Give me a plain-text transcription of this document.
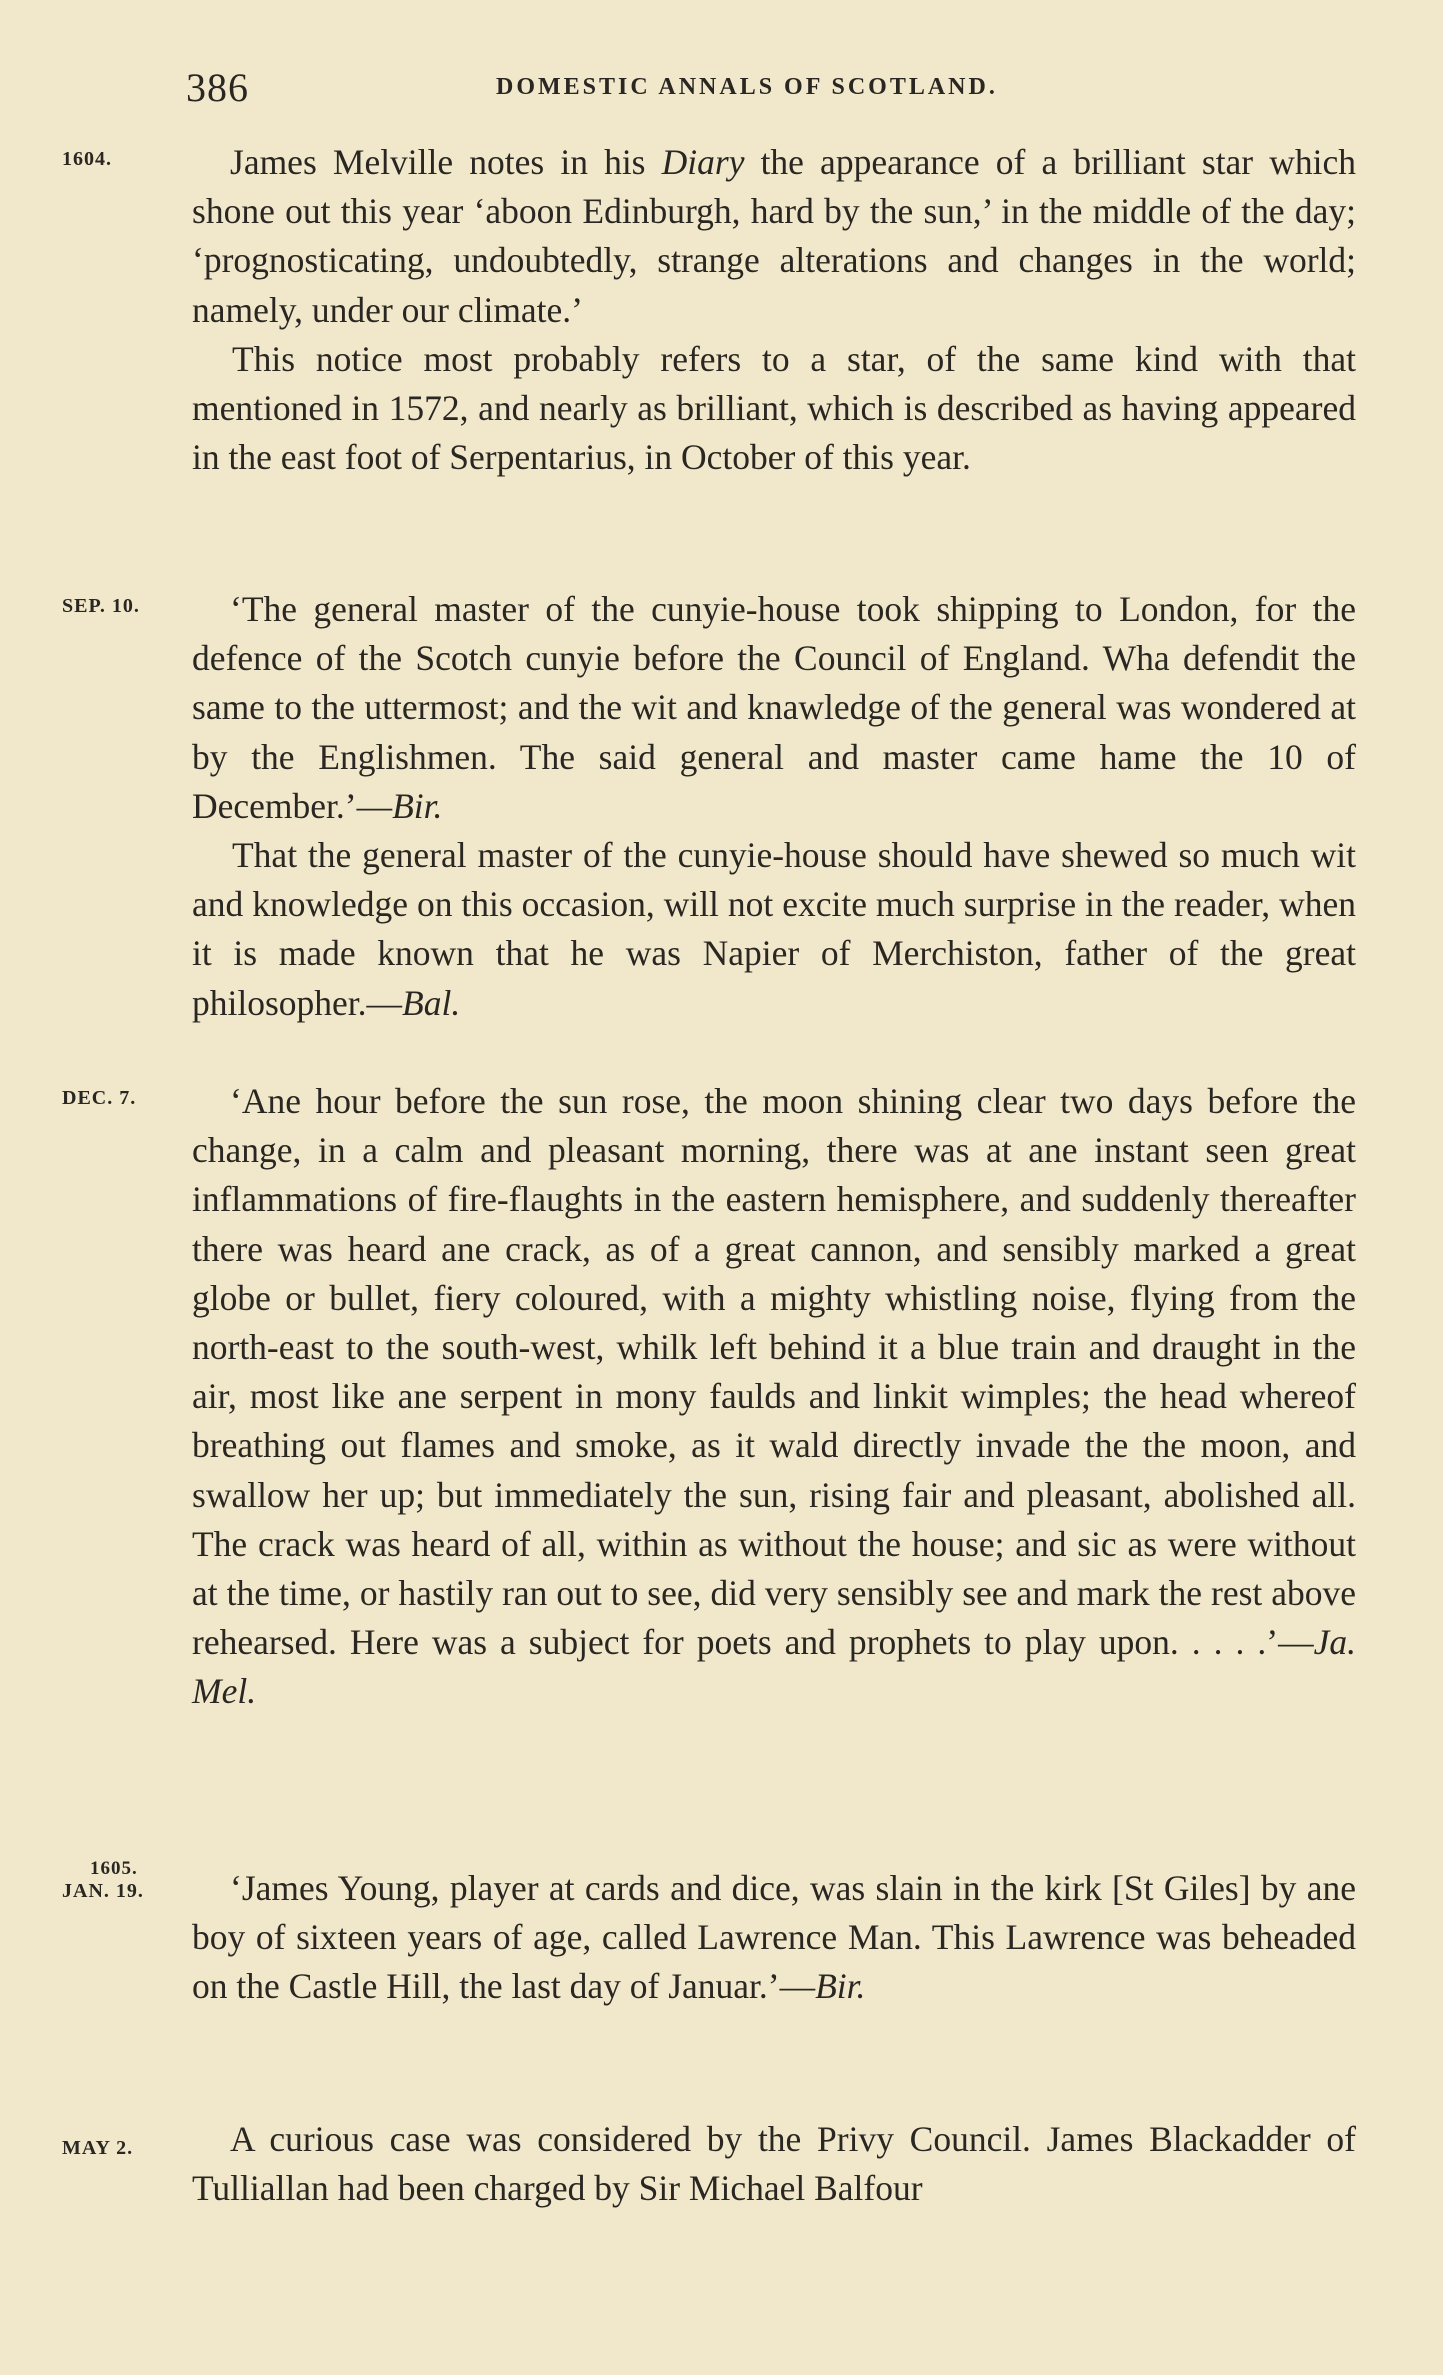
386	DOMESTIC ANNALS OF SCOTLAND.
1604.	James Melville notes in his Diary the appearance of a brilliant star which shone out this year ‘aboon Edinburgh, hard by the sun,’ in the middle of the day; ‘prognosticating, undoubtedly, strange alterations and changes in the world; namely, under our climate.’

This notice most probably refers to a star, of the same kind with that mentioned in 1572, and nearly as brilliant, which is described as having appeared in the east foot of Serpentarius, in October of this year.

SEP. 10.	‘The general master of the cunyie-house took shipping to London, for the defence of the Scotch cunyie before the Council of England. Wha defendit the same to the uttermost; and the wit and knawledge of the general was wondered at by the Englishmen. The said general and master came hame the 10 of December.’—Bir.

That the general master of the cunyie-house should have shewed so much wit and knowledge on this occasion, will not excite much surprise in the reader, when it is made known that he was Napier of Merchiston, father of the great philosopher.—Bal.

DEC. 7.	‘Ane hour before the sun rose, the moon shining clear two days before the change, in a calm and pleasant morning, there was at ane instant seen great inflammations of fire-flaughts in the eastern hemisphere, and suddenly thereafter there was heard ane crack, as of a great cannon, and sensibly marked a great globe or bullet, fiery coloured, with a mighty whistling noise, flying from the north-east to the south-west, whilk left behind it a blue train and draught in the air, most like ane serpent in mony faulds and linkit wimples; the head whereof breathing out flames and smoke, as it wald directly invade the the moon, and swallow her up; but immediately the sun, rising fair and pleasant, abolished all. The crack was heard of all, within as without the house; and sic as were without at the time, or hastily ran out to see, did very sensibly see and mark the rest above rehearsed. Here was a subject for poets and prophets to play upon. . . . .’—Ja. Mel.

1605.
JAN. 19.	‘James Young, player at cards and dice, was slain in the kirk [St Giles] by ane boy of sixteen years of age, called Lawrence Man. This Lawrence was beheaded on the Castle Hill, the last day of Januar.’—Bir.

MAY 2.	A curious case was considered by the Privy Council. James Blackadder of Tulliallan had been charged by Sir Michael Balfour
